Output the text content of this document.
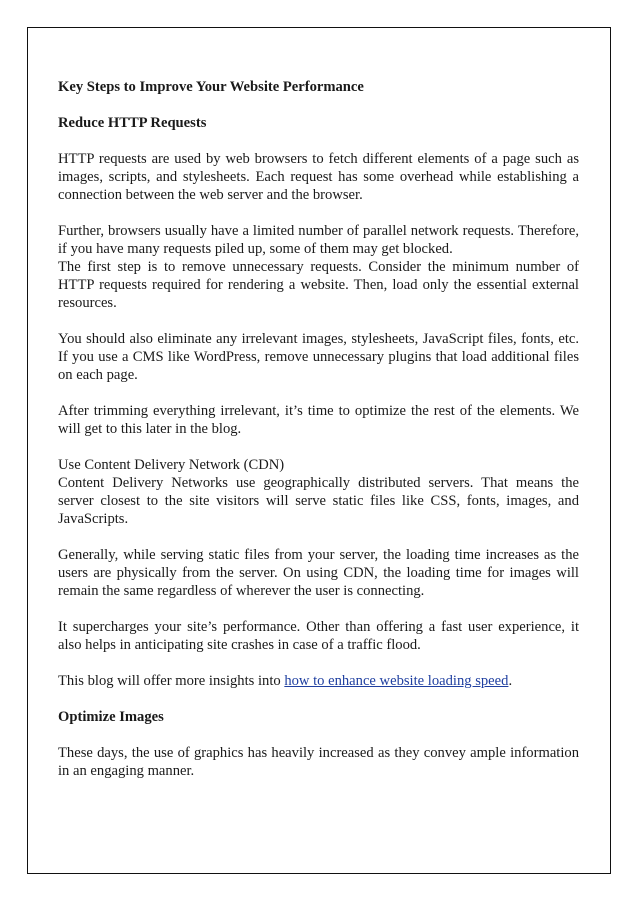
Key Steps to Improve Your Website Performance

Reduce HTTP Requests

HTTP requests are used by web browsers to fetch different elements of a page such as images, scripts, and stylesheets. Each request has some overhead while establishing a connection between the web server and the browser.

Further, browsers usually have a limited number of parallel network requests. Therefore, if you have many requests piled up, some of them may get blocked.

The first step is to remove unnecessary requests. Consider the minimum number of HTTP requests required for rendering a website. Then, load only the essential external resources.

You should also eliminate any irrelevant images, stylesheets, JavaScript files, fonts, etc. If you use a CMS like WordPress, remove unnecessary plugins that load additional files on each page.

After trimming everything irrelevant, it’s time to optimize the rest of the elements. We will get to this later in the blog.

Use Content Delivery Network (CDN)

Content Delivery Networks use geographically distributed servers. That means the server closest to the site visitors will serve static files like CSS, fonts, images, and JavaScripts.

Generally, while serving static files from your server, the loading time increases as the users are physically from the server. On using CDN, the loading time for images will remain the same regardless of wherever the user is connecting.

It supercharges your site’s performance. Other than offering a fast user experience, it also helps in anticipating site crashes in case of a traffic flood.

This blog will offer more insights into how to enhance website loading speed.

Optimize Images

These days, the use of graphics has heavily increased as they convey ample information in an engaging manner.
